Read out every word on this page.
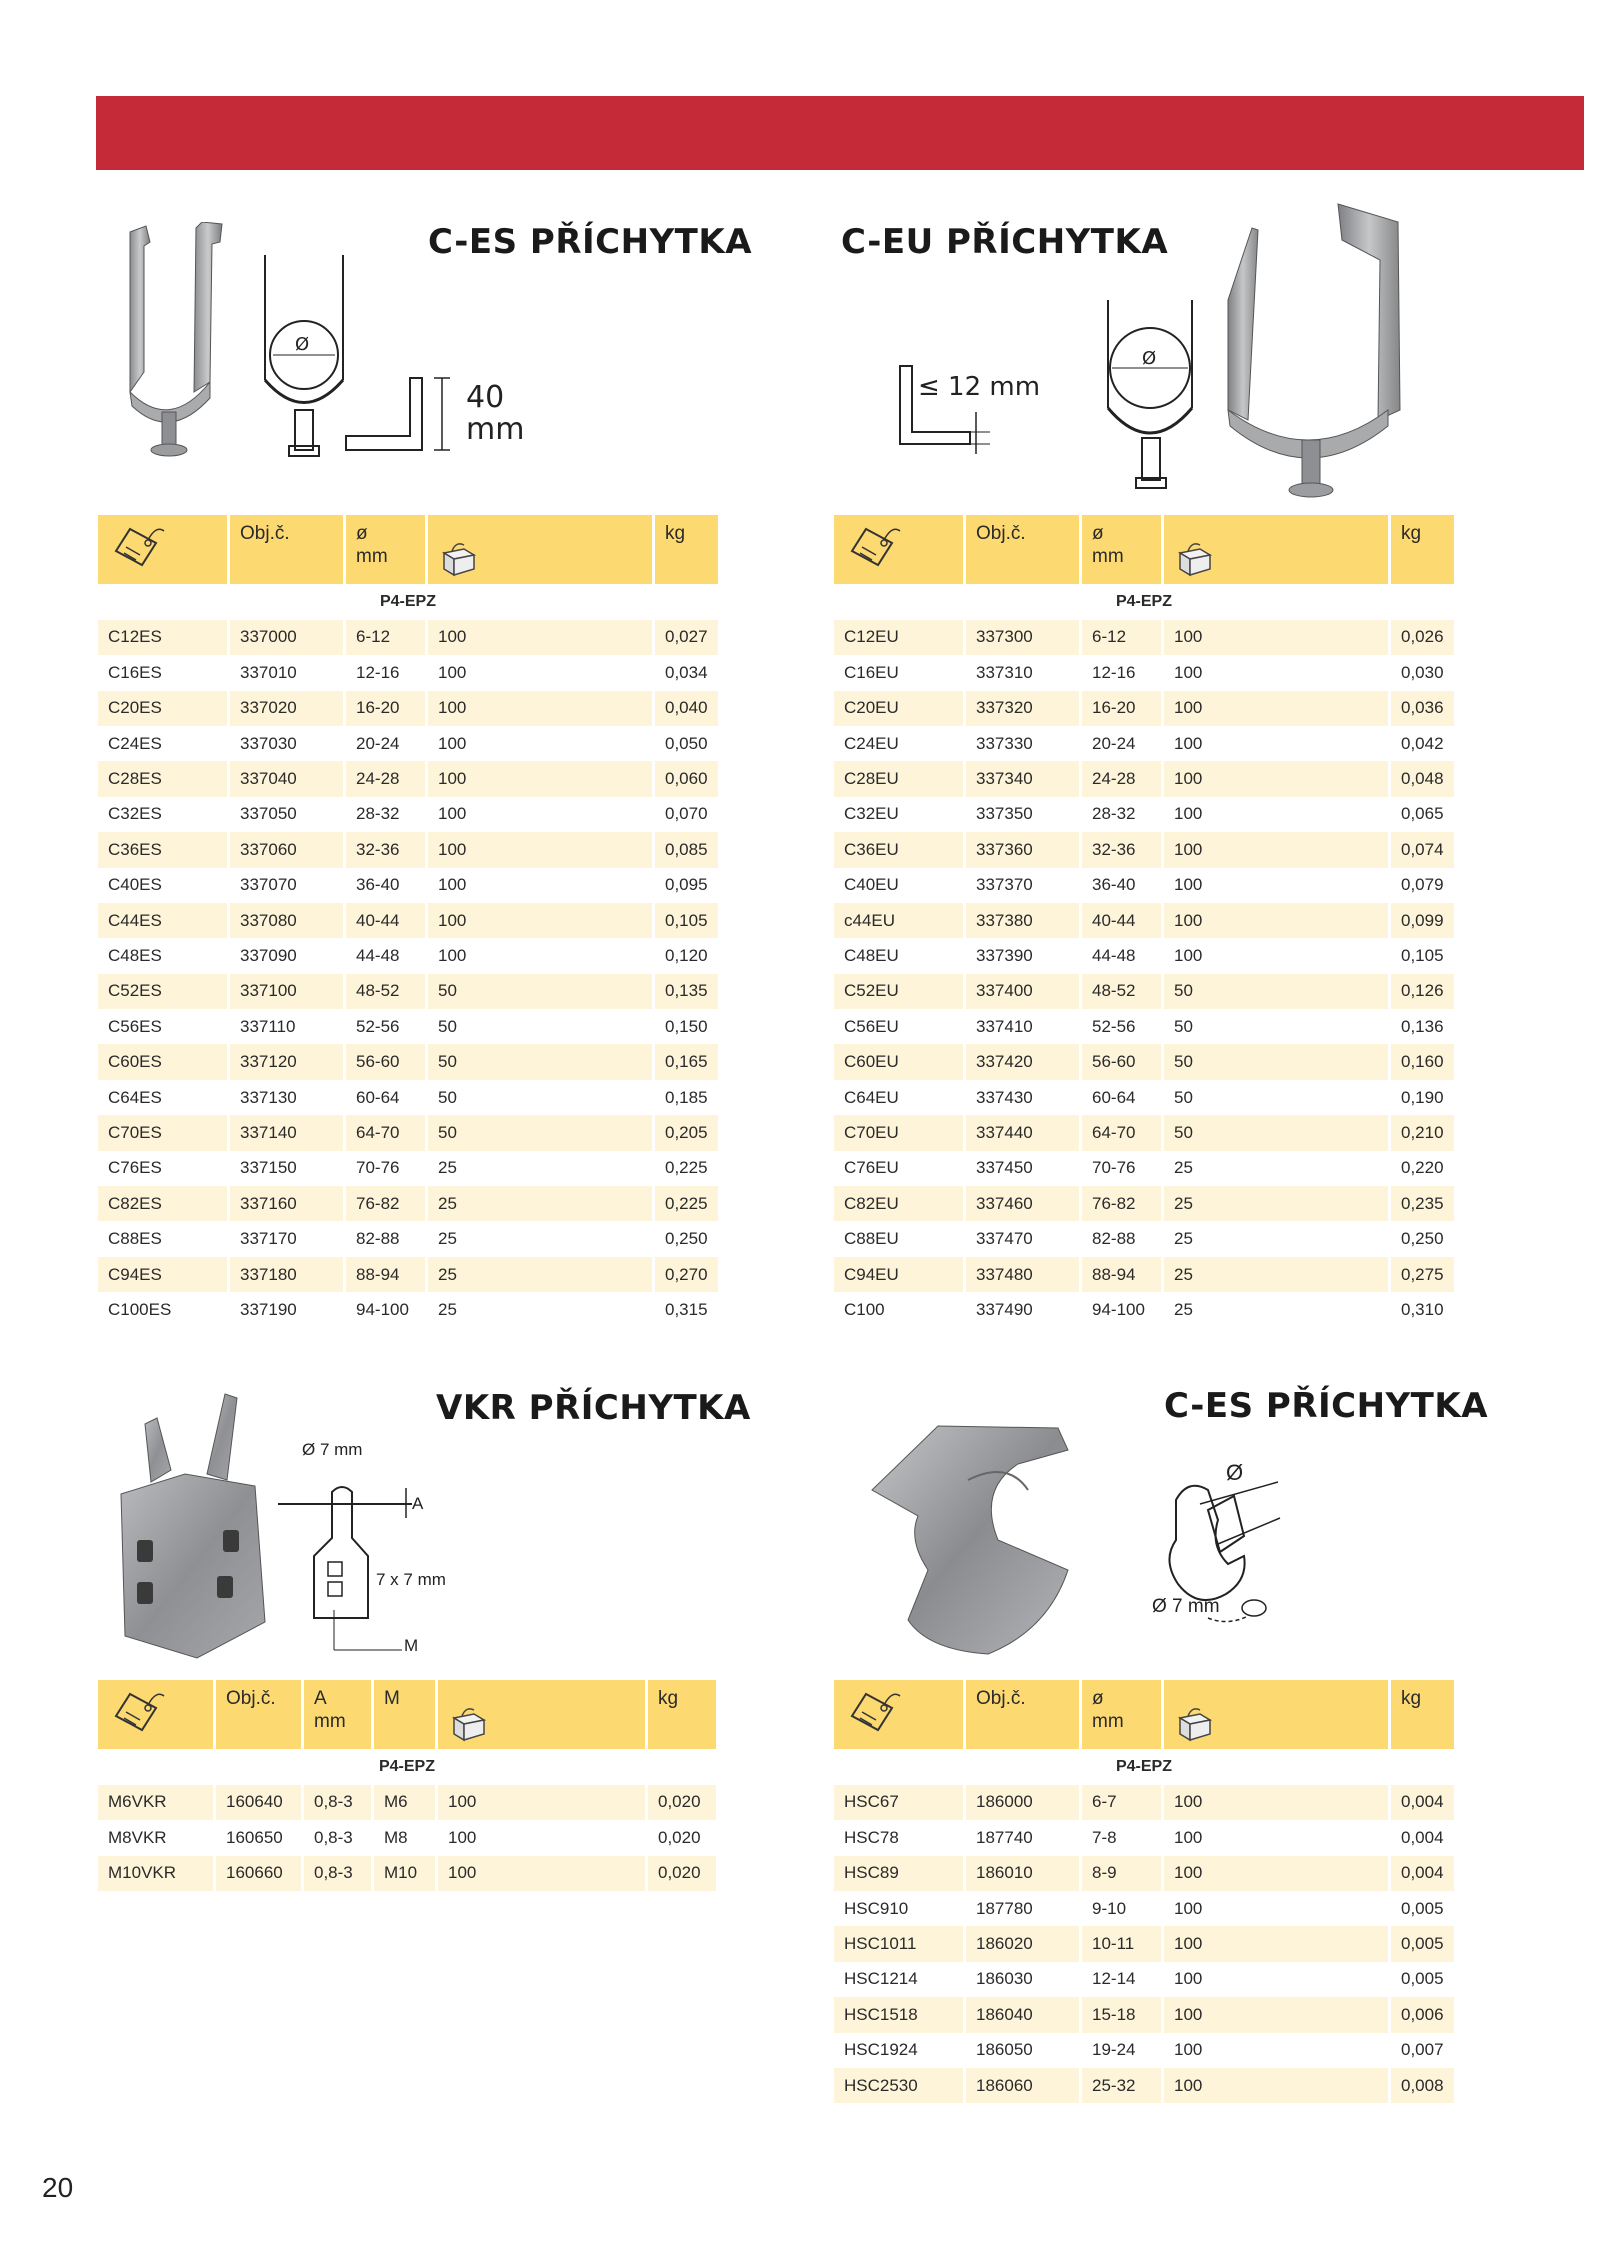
C-ES PŘÍCHYTKA
Ø
40
mm
	Obj.č.	ø
mm		kg
P4-EPZ				
C12ES	337000	6-12	100	0,027
C16ES	337010	12-16	100	0,034
C20ES	337020	16-20	100	0,040
C24ES	337030	20-24	100	0,050
C28ES	337040	24-28	100	0,060
C32ES	337050	28-32	100	0,070
C36ES	337060	32-36	100	0,085
C40ES	337070	36-40	100	0,095
C44ES	337080	40-44	100	0,105
C48ES	337090	44-48	100	0,120
C52ES	337100	48-52	50	0,135
C56ES	337110	52-56	50	0,150
C60ES	337120	56-60	50	0,165
C64ES	337130	60-64	50	0,185
C70ES	337140	64-70	50	0,205
C76ES	337150	70-76	25	0,225
C82ES	337160	76-82	25	0,225
C88ES	337170	82-88	25	0,250
C94ES	337180	88-94	25	0,270
C100ES	337190	94-100	25	0,315
C-EU PŘÍCHYTKA
≤ 12 mm
Ø
	Obj.č.	ø
mm		kg
P4-EPZ				
C12EU	337300	6-12	100	0,026
C16EU	337310	12-16	100	0,030
C20EU	337320	16-20	100	0,036
C24EU	337330	20-24	100	0,042
C28EU	337340	24-28	100	0,048
C32EU	337350	28-32	100	0,065
C36EU	337360	32-36	100	0,074
C40EU	337370	36-40	100	0,079
c44EU	337380	40-44	100	0,099
C48EU	337390	44-48	100	0,105
C52EU	337400	48-52	50	0,126
C56EU	337410	52-56	50	0,136
C60EU	337420	56-60	50	0,160
C64EU	337430	60-64	50	0,190
C70EU	337440	64-70	50	0,210
C76EU	337450	70-76	25	0,220
C82EU	337460	76-82	25	0,235
C88EU	337470	82-88	25	0,250
C94EU	337480	88-94	25	0,275
C100	337490	94-100	25	0,310
VKR PŘÍCHYTKA
Ø 7 mm
A
7 x 7 mm
M
	Obj.č.	A
mm	M		kg
P4-EPZ					
M6VKR	160640	0,8-3	M6	100	0,020
M8VKR	160650	0,8-3	M8	100	0,020
M10VKR	160660	0,8-3	M10	100	0,020
C-ES PŘÍCHYTKA
Ø
Ø 7 mm
	Obj.č.	ø
mm		kg
P4-EPZ				
HSC67	186000	6-7	100	0,004
HSC78	187740	7-8	100	0,004
HSC89	186010	8-9	100	0,004
HSC910	187780	9-10	100	0,005
HSC1011	186020	10-11	100	0,005
HSC1214	186030	12-14	100	0,005
HSC1518	186040	15-18	100	0,006
HSC1924	186050	19-24	100	0,007
HSC2530	186060	25-32	100	0,008
20
